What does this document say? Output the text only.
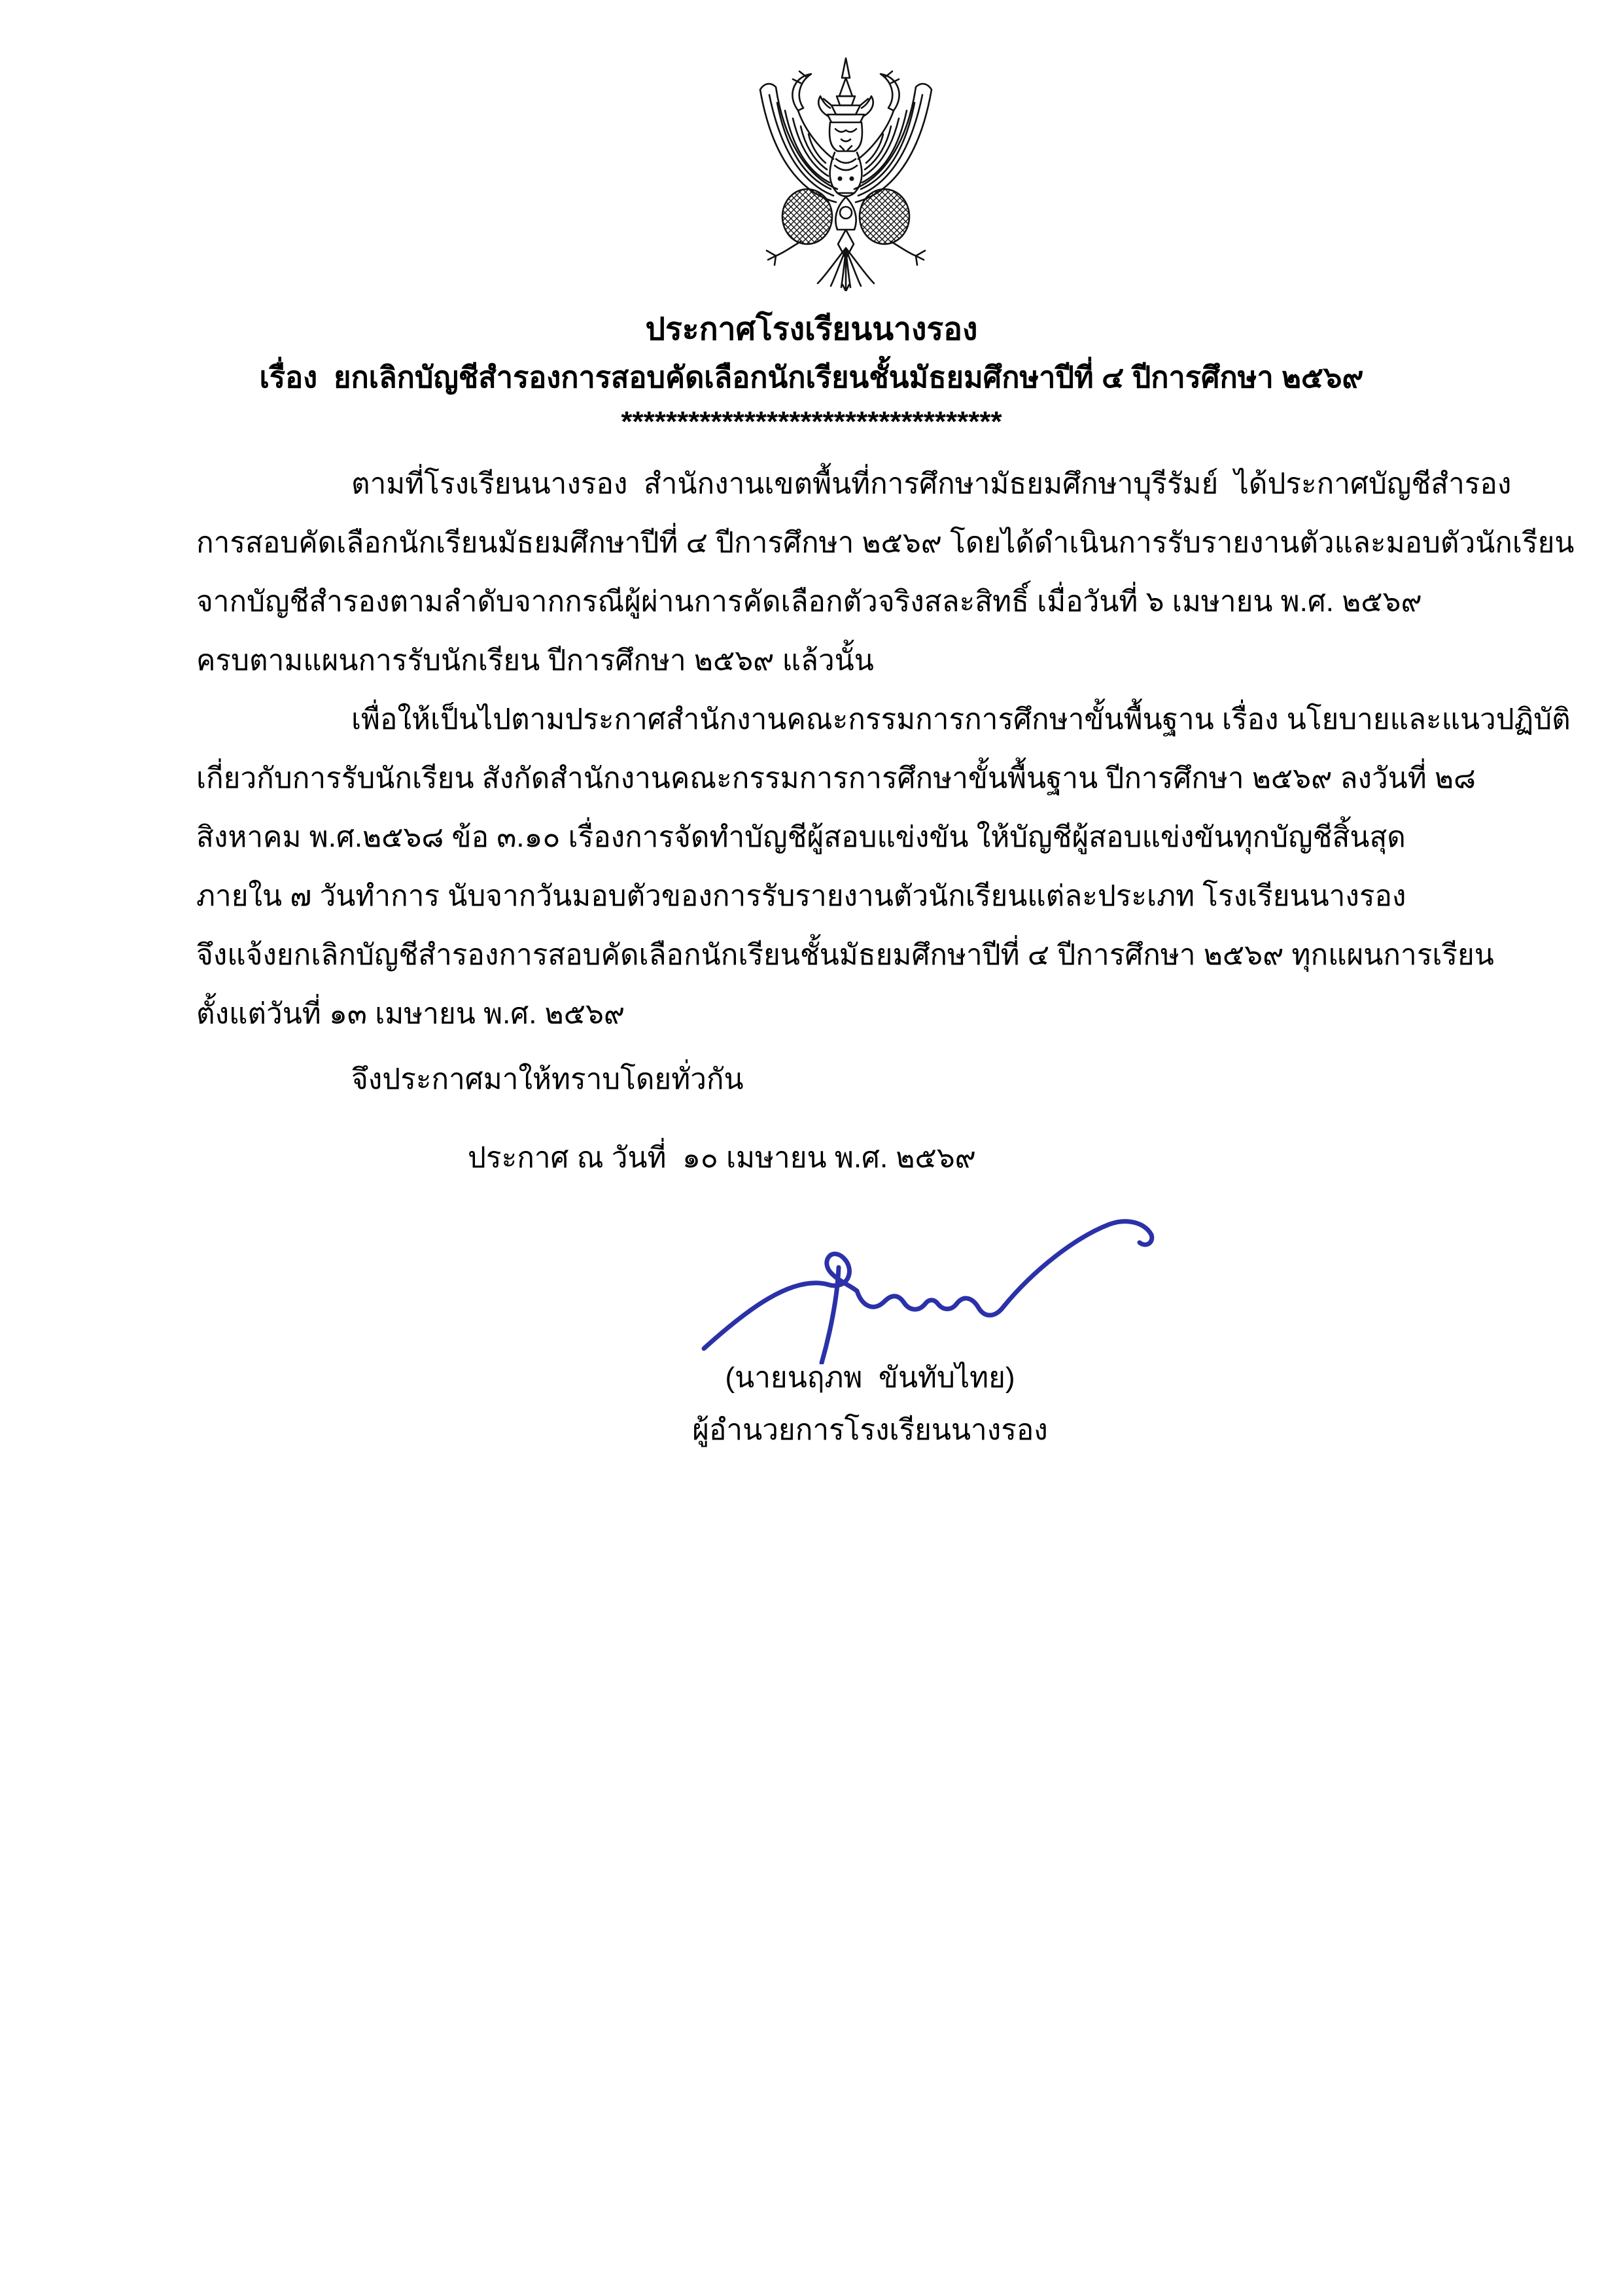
ประกาศโรงเรียนนางรอง
เรื่อง  ยกเลิกบัญชีสำรองการสอบคัดเลือกนักเรียนชั้นมัธยมศึกษาปีที่ ๔ ปีการศึกษา ๒๕๖๙
**********************************
ตามที่โรงเรียนนางรอง  สำนักงานเขตพื้นที่การศึกษามัธยมศึกษาบุรีรัมย์  ได้ประกาศบัญชีสำรอง
การสอบคัดเลือกนักเรียนมัธยมศึกษาปีที่ ๔ ปีการศึกษา ๒๕๖๙ โดยได้ดำเนินการรับรายงานตัวและมอบตัวนักเรียน
จากบัญชีสำรองตามลำดับจากกรณีผู้ผ่านการคัดเลือกตัวจริงสละสิทธิ์ เมื่อวันที่ ๖ เมษายน พ.ศ. ๒๕๖๙
ครบตามแผนการรับนักเรียน ปีการศึกษา ๒๕๖๙ แล้วนั้น
เพื่อให้เป็นไปตามประกาศสำนักงานคณะกรรมการการศึกษาขั้นพื้นฐาน เรื่อง นโยบายและแนวปฏิบัติ
เกี่ยวกับการรับนักเรียน สังกัดสำนักงานคณะกรรมการการศึกษาขั้นพื้นฐาน ปีการศึกษา ๒๕๖๙ ลงวันที่ ๒๘
สิงหาคม พ.ศ.๒๕๖๘ ข้อ ๓.๑๐ เรื่องการจัดทำบัญชีผู้สอบแข่งขัน ให้บัญชีผู้สอบแข่งขันทุกบัญชีสิ้นสุด
ภายใน ๗ วันทำการ นับจากวันมอบตัวของการรับรายงานตัวนักเรียนแต่ละประเภท โรงเรียนนางรอง
จึงแจ้งยกเลิกบัญชีสำรองการสอบคัดเลือกนักเรียนชั้นมัธยมศึกษาปีที่ ๔ ปีการศึกษา ๒๕๖๙ ทุกแผนการเรียน
ตั้งแต่วันที่ ๑๓ เมษายน พ.ศ. ๒๕๖๙
จึงประกาศมาให้ทราบโดยทั่วกัน
ประกาศ ณ วันที่  ๑๐ เมษายน พ.ศ. ๒๕๖๙
(นายนฤภพ  ขันทับไทย)
ผู้อำนวยการโรงเรียนนางรอง
